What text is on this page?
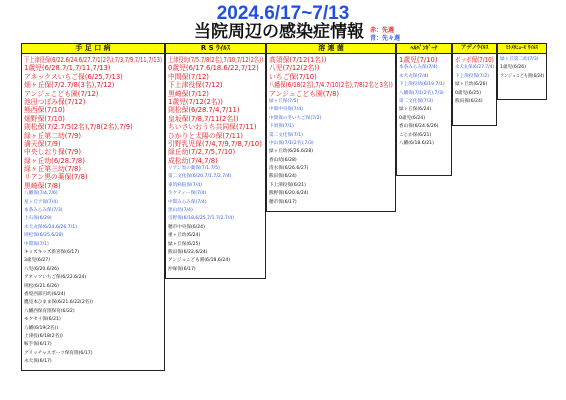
2024.6/17~7/13
当院周辺の感染症情報	赤：先週
青：先々週
手 足 口 病
下上津役保(6/22.6/24.6/27.7/1(2名),7/3,7/9,7/11,7/13)
1歳児(6/28.7/1,7/11,7/13)
アネックスいちご保(6/25,7/13)
畑ヶ丘保(7/2.7/8(3名),7/12)
アンジュこども園(7/12)
池田つぼみ保(7/12)
熊西保(7/10)
畑野保(7/10)
則松保(7/2.7/5(2名),7/8(2名),7/9)
緑ヶ丘第二幼(7/9)
満天保(7/9)
中央しおり保(7/9)
緑ヶ丘幼(6/28.7/8)
緑ヶ丘第三幼(7/8)
リアン黒の薬保(7/8)
黒崎保(7/8)
八幡保(7/4,7/6)
星ヶ丘ア保(7/4)
本条みらみ保(7/3)
上石保(6/29)
永犬丸保(6/24,6/26,7/1)
則松保(6/25,6/28)
中間保(7/1)
キッズキッズ新宮保(6/17)
3歳児(6/27)
八児(6/20.6/26)
アネッツいちご保(6/22.6/24)
則松(6/21.6/26)
香堤西部円幼(6/24)
鷹見本ひまま保(6/21.6/22(2名))
八幡西保育園保育(6/22)
モクセイ保(6/21)
八幡(6/19(2名))
上津役(6/18(2名))
鞍手保(6/17)
グリッチャスポーツ保育園(6/17)
永犬保(6/17)
R S ｳｲﾙｽ
上津役幼(7/5.7/8(2名),7/10,7/12(2名))
0歳児(6/17.6/18.6/22,7/12)
中間保(7/12)
下上津役保(7/12)
黒崎保(7/12)
1歳児(7/12(2名))
則松保(6/28.7/4,7/11)
皇坂保(7/8,7/11(2名))
ちいさいおうち共同保(7/11)
ひかりと太陽の保(7/11)
引野乳児保(7/4,7/9,7/8,7/10)
緑丘幼(7/2,7/5,7/10)
成松幼(7/4,7/8)
リアン黒の薬保(7/1.7/5)
第二文化保(6/20,7/1.7/2.7/4)
東筑病院保(7/4)
ラクティー保(7/4)
中間みらみ保(7/4)
黒山幼(7/4)
引野保(6/18,6/25,7/1.7/2,7/4)
穂市中央保(6/24)
重ヶ丘幼(6/24)
緑ヶ丘保(6/25)
熊田保(6/22,6/24)
アンジュこども園(6/18,6/24)
沖塚保(6/17)
溶 連 菌
高須保(7/12(1名))
八児(7/12(2名))
いちご保(7/10)
八幡保(6/18(2名),7/4.7/10(2名),7/8(2名と3名))
アンジュこども園(7/8)
緑ヶ丘保(7/5)
中間中央保(7/4)
中間保の冬いちご保(7/2)
下須保(7/1)
第二文化保(7/1)
中山保(7/1(2名),7/3)
緑ヶ丘幼(6/26.6/28)
香山幼(6/28)
清水保(6/26.6/27)
熊田保(6/24)
下上津役保(6/21)
熊野保(6/20.6/24)
穂市保(6/17)
ﾍﾙﾊﾟﾝｷﾞｰﾅ
1歳児(7/10)
本条みらみ保(7/4)
永犬丸保(7/4)
下上津役幼(6/19.7/1)
八幡保(7/1(2名),7/3)
第二文化保(7/3)
緑ヶ丘保(6/24)
0歳児(6/24)
香山保(6/24.6/26)
こじか保(6/21)
八幡(6/18.6/21)
アデノｳｲﾙｽ
ポッポ保(7/10)
永犬丸保(6/27.7/4)
下上津役保(7/2)
緑ヶ丘幼(6/26)
0歳児(6/25)
熊田保(6/24)
ﾋﾄﾒﾀﾆｭｰﾓ ｳｲﾙｽ
緑ヶ丘第二幼(7/3)
1歳児(6/26)
アンジュこども園(6/24)
